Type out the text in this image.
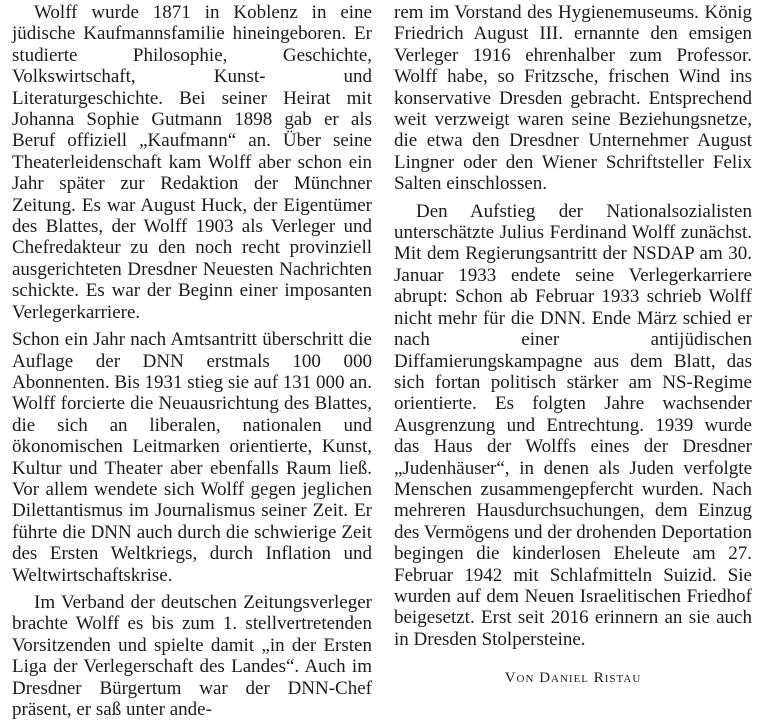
Wolff wurde 1871 in Koblenz in eine jüdische Kaufmannsfamilie hineingeboren. Er studierte Philosophie, Geschichte, Volkswirtschaft, Kunst- und Literaturgeschichte. Bei seiner Heirat mit Johanna Sophie Gutmann 1898 gab er als Beruf offiziell „Kaufmann“ an. Über seine Theaterleidenschaft kam Wolff aber schon ein Jahr später zur Redaktion der Münchner Zeitung. Es war August Huck, der Eigentümer des Blattes, der Wolff 1903 als Verleger und Chefredakteur zu den noch recht provinziell ausgerichteten Dresdner Neuesten Nachrichten schickte. Es war der Beginn einer imposanten Verlegerkarriere.

Schon ein Jahr nach Amtsantritt überschritt die Auflage der DNN erstmals 100 000 Abonnenten. Bis 1931 stieg sie auf 131 000 an. Wolff forcierte die Neuausrichtung des Blattes, die sich an liberalen, nationalen und ökonomischen Leitmarken orientierte, Kunst, Kultur und Theater aber ebenfalls Raum ließ. Vor allem wendete sich Wolff gegen jeglichen Dilettantismus im Journalismus seiner Zeit. Er führte die DNN auch durch die schwierige Zeit des Ersten Weltkriegs, durch Inflation und Weltwirtschaftskrise.

Im Verband der deutschen Zeitungsverleger brachte Wolff es bis zum 1. stellvertretenden Vorsitzenden und spielte damit „in der Ersten Liga der Verlegerschaft des Landes“. Auch im Dresdner Bürgertum war der DNN-Chef präsent, er saß unter ande-

rem im Vorstand des Hygienemuseums. König Friedrich August III. ernannte den emsigen Verleger 1916 ehrenhalber zum Professor. Wolff habe, so Fritzsche, frischen Wind ins konservative Dresden gebracht. Entsprechend weit verzweigt waren seine Beziehungsnetze, die etwa den Dresdner Unternehmer August Lingner oder den Wiener Schriftsteller Felix Salten einschlossen.

Den Aufstieg der Nationalsozialisten unterschätzte Julius Ferdinand Wolff zunächst. Mit dem Regierungsantritt der NSDAP am 30. Januar 1933 endete seine Verlegerkarriere abrupt: Schon ab Februar 1933 schrieb Wolff nicht mehr für die DNN. Ende März schied er nach einer antijüdischen Diffamierungskampagne aus dem Blatt, das sich fortan politisch stärker am NS-Regime orientierte. Es folgten Jahre wachsender Ausgrenzung und Entrechtung. 1939 wurde das Haus der Wolffs eines der Dresdner „Judenhäuser“, in denen als Juden verfolgte Menschen zusammengepfercht wurden. Nach mehreren Hausdurchsuchungen, dem Einzug des Vermögens und der drohenden Deportation begingen die kinderlosen Eheleute am 27. Februar 1942 mit Schlafmitteln Suizid. Sie wurden auf dem Neuen Israelitischen Friedhof beigesetzt. Erst seit 2016 erinnern an sie auch in Dresden Stolpersteine.

Von Daniel Ristau
